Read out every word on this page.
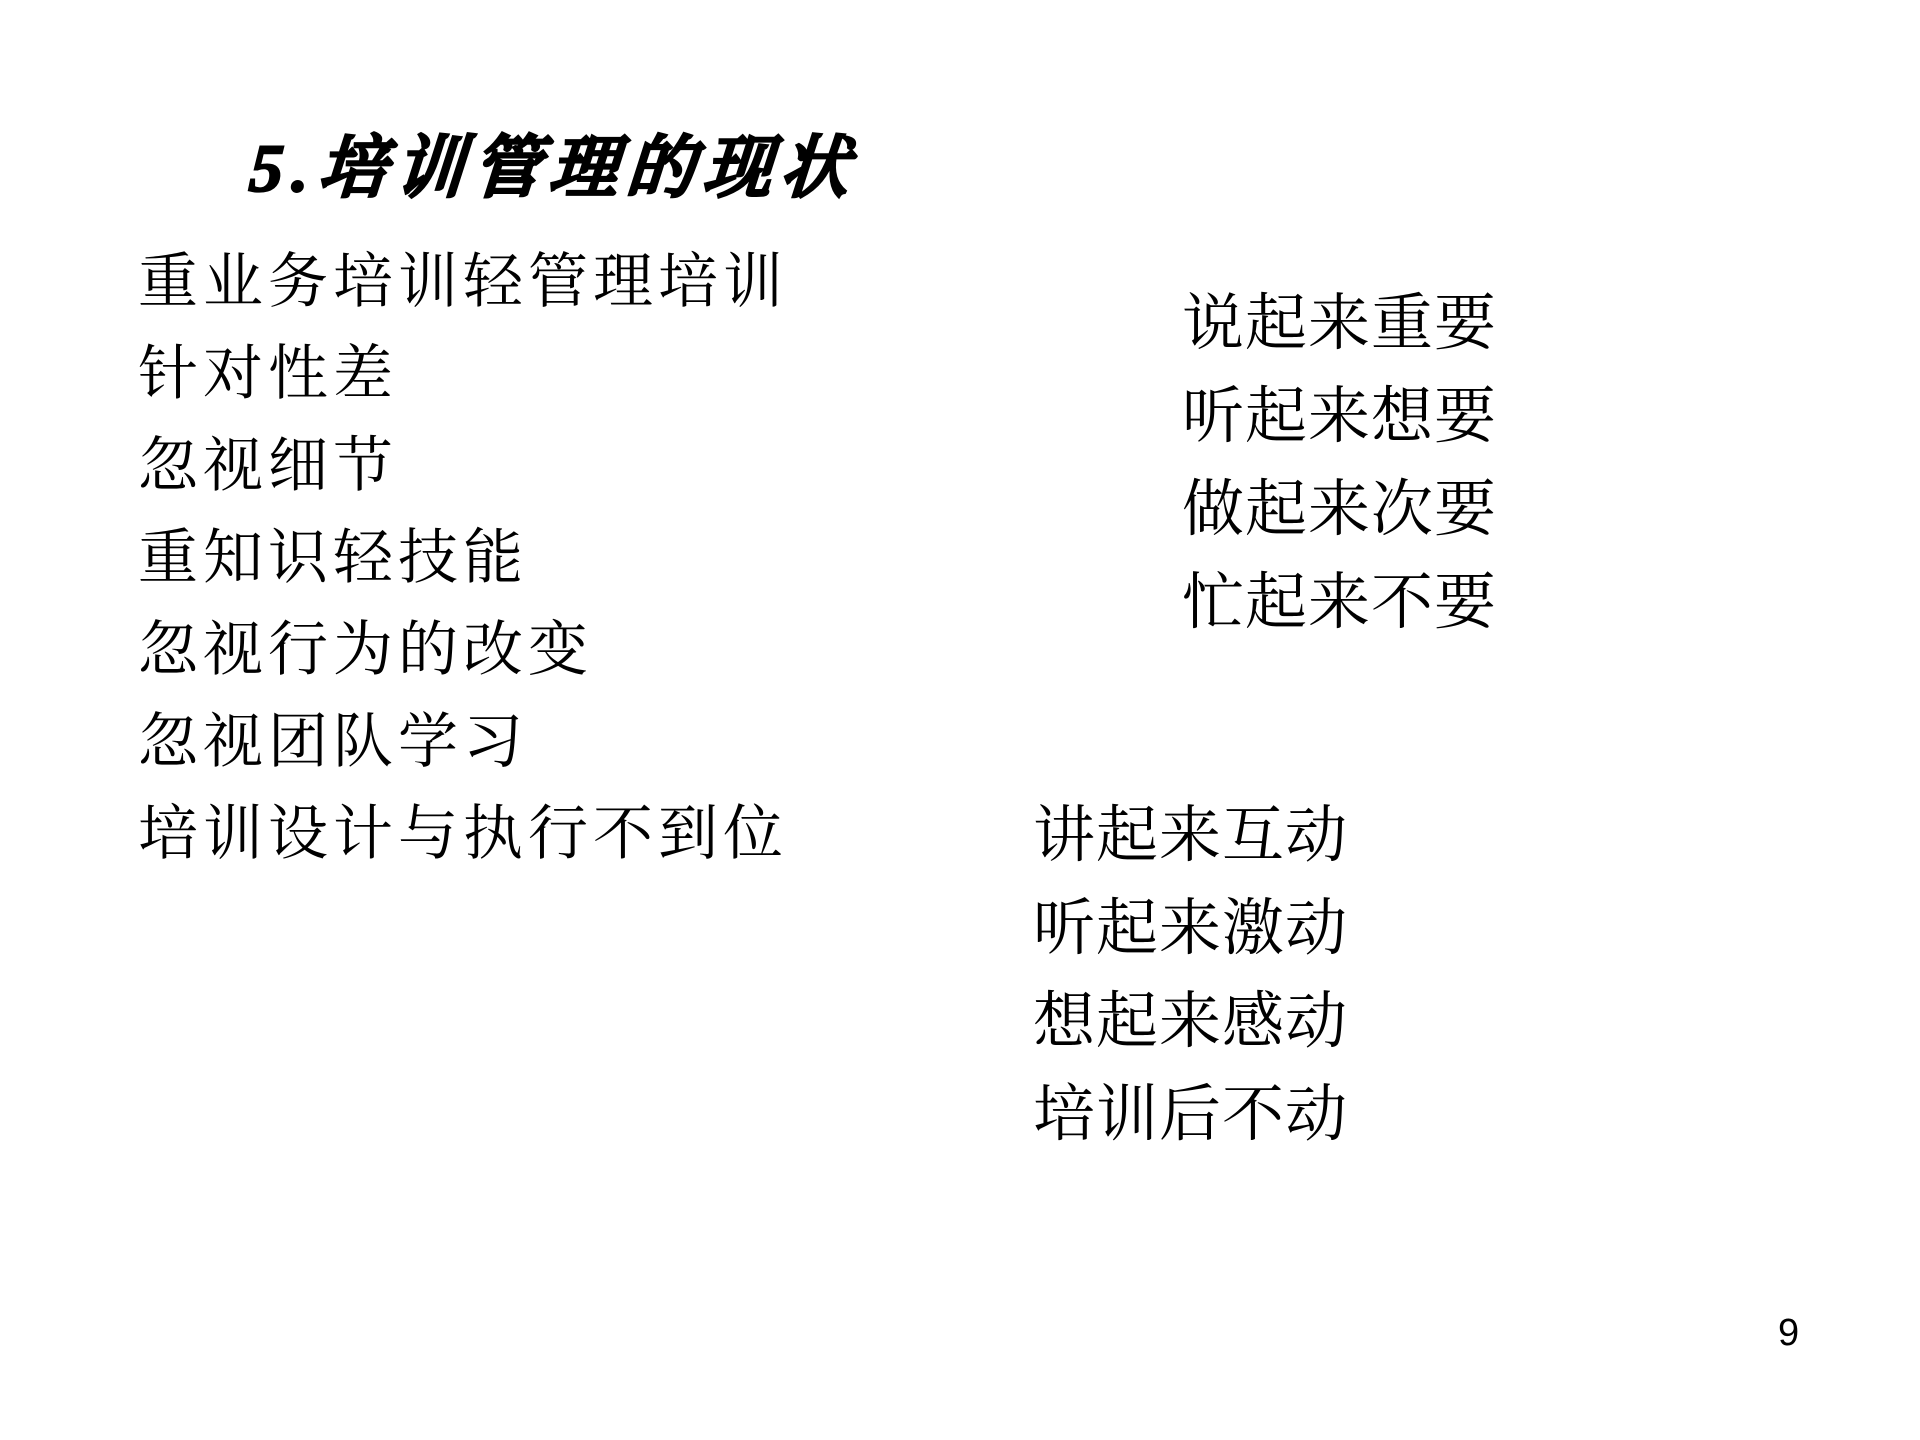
5.培训管理的现状
重业务培训轻管理培训
针对性差
忽视细节
重知识轻技能
忽视行为的改变
忽视团队学习
培训设计与执行不到位
说起来重要
听起来想要
做起来次要
忙起来不要
讲起来互动
听起来激动
想起来感动
培训后不动
9
